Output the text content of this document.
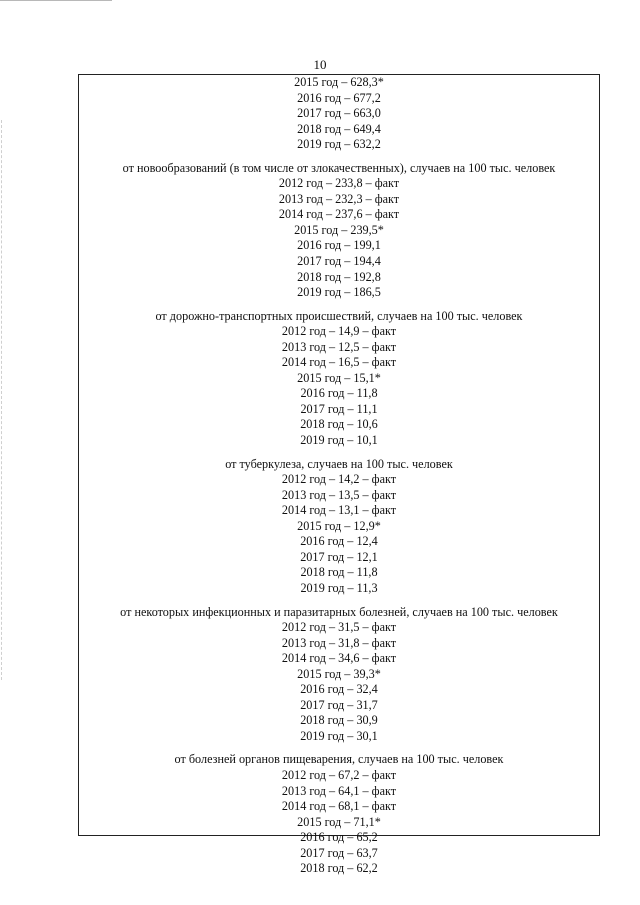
10
2015 год – 628,3*
2016 год – 677,2
2017 год – 663,0
2018 год – 649,4
2019 год – 632,2
от новообразований (в том числе от злокачественных), случаев на 100 тыс. человек
2012 год – 233,8 – факт
2013 год – 232,3 – факт
2014 год – 237,6 – факт
2015 год – 239,5*
2016 год – 199,1
2017 год – 194,4
2018 год – 192,8
2019 год – 186,5
от дорожно-транспортных происшествий, случаев на 100 тыс. человек
2012 год – 14,9 – факт
2013 год – 12,5 – факт
2014 год – 16,5 – факт
2015 год – 15,1*
2016 год – 11,8
2017 год – 11,1
2018 год – 10,6
2019 год – 10,1
от туберкулеза, случаев на 100 тыс. человек
2012 год – 14,2 – факт
2013 год – 13,5 – факт
2014 год – 13,1 – факт
2015 год – 12,9*
2016 год – 12,4
2017 год – 12,1
2018 год – 11,8
2019 год – 11,3
от некоторых инфекционных и паразитарных болезней, случаев на 100 тыс. человек
2012 год – 31,5 – факт
2013 год – 31,8 – факт
2014 год – 34,6 – факт
2015 год – 39,3*
2016 год – 32,4
2017 год – 31,7
2018 год – 30,9
2019 год – 30,1
от болезней органов пищеварения, случаев на 100 тыс. человек
2012 год – 67,2 – факт
2013 год – 64,1 – факт
2014 год – 68,1 – факт
2015 год – 71,1*
2016 год – 65,2
2017 год – 63,7
2018 год – 62,2
